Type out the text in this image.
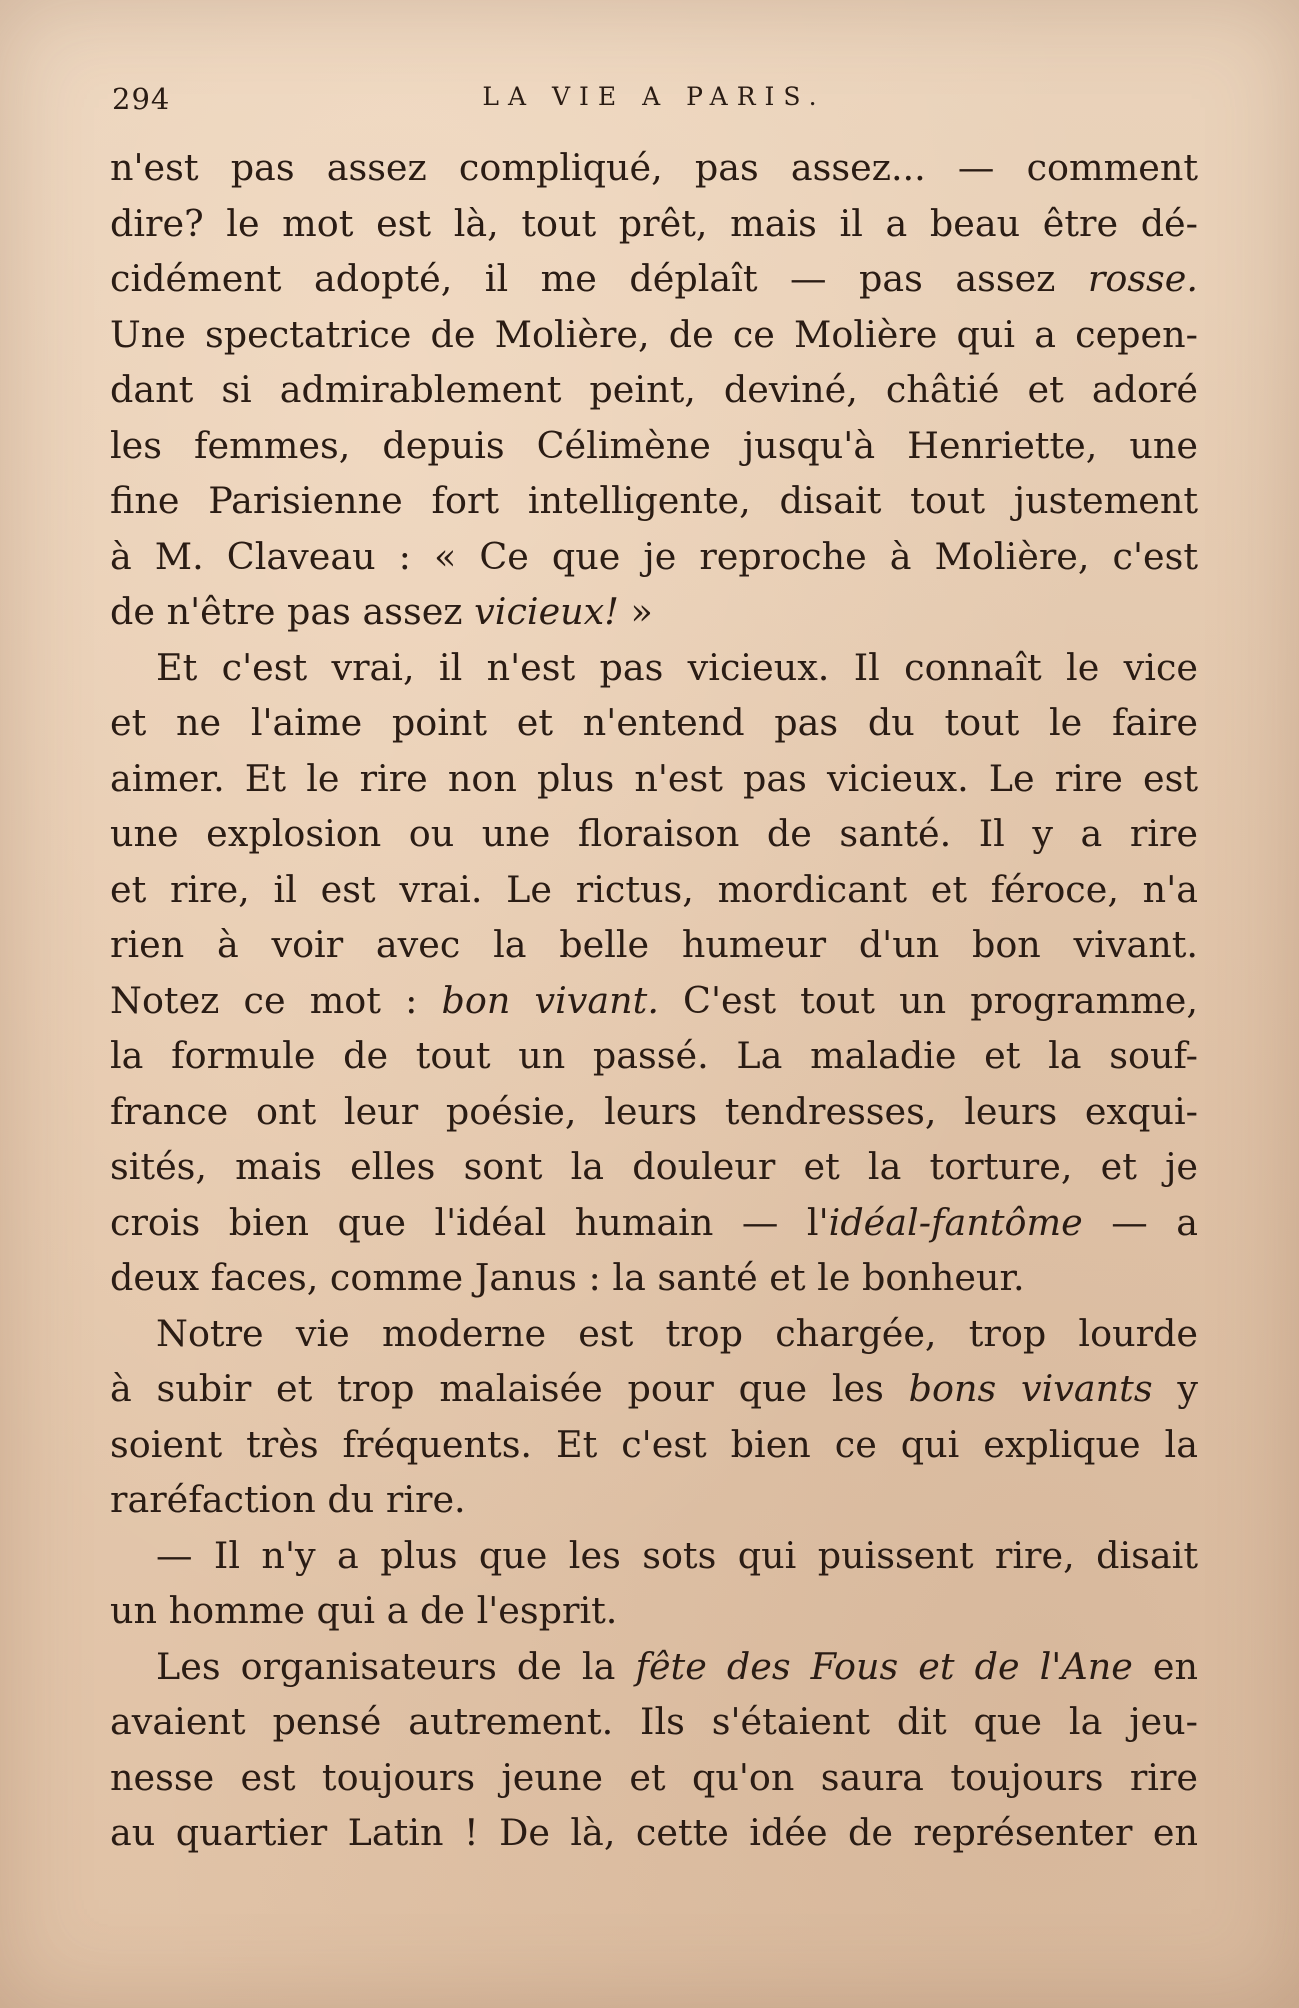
294	LA VIE A PARIS.

n'est pas assez compliqué, pas assez... — comment
dire? le mot est là, tout prêt, mais il a beau être dé-
cidément adopté, il me déplaît — pas assez rosse.
Une spectatrice de Molière, de ce Molière qui a cepen-
dant si admirablement peint, deviné, châtié et adoré
les femmes, depuis Célimène jusqu'à Henriette, une
fine Parisienne fort intelligente, disait tout justement
à M. Claveau : « Ce que je reproche à Molière, c'est
de n'être pas assez vicieux! »

Et c'est vrai, il n'est pas vicieux. Il connaît le vice
et ne l'aime point et n'entend pas du tout le faire
aimer. Et le rire non plus n'est pas vicieux. Le rire est
une explosion ou une floraison de santé. Il y a rire
et rire, il est vrai. Le rictus, mordicant et féroce, n'a
rien à voir avec la belle humeur d'un bon vivant.
Notez ce mot : bon vivant. C'est tout un programme,
la formule de tout un passé. La maladie et la souf-
france ont leur poésie, leurs tendresses, leurs exqui-
sités, mais elles sont la douleur et la torture, et je
crois bien que l'idéal humain — l'idéal-fantôme — a
deux faces, comme Janus : la santé et le bonheur.

Notre vie moderne est trop chargée, trop lourde
à subir et trop malaisée pour que les bons vivants y
soient très fréquents. Et c'est bien ce qui explique la
raréfaction du rire.

— Il n'y a plus que les sots qui puissent rire, disait
un homme qui a de l'esprit.

Les organisateurs de la fête des Fous et de l'Ane en
avaient pensé autrement. Ils s'étaient dit que la jeu-
nesse est toujours jeune et qu'on saura toujours rire
au quartier Latin ! De là, cette idée de représenter en
